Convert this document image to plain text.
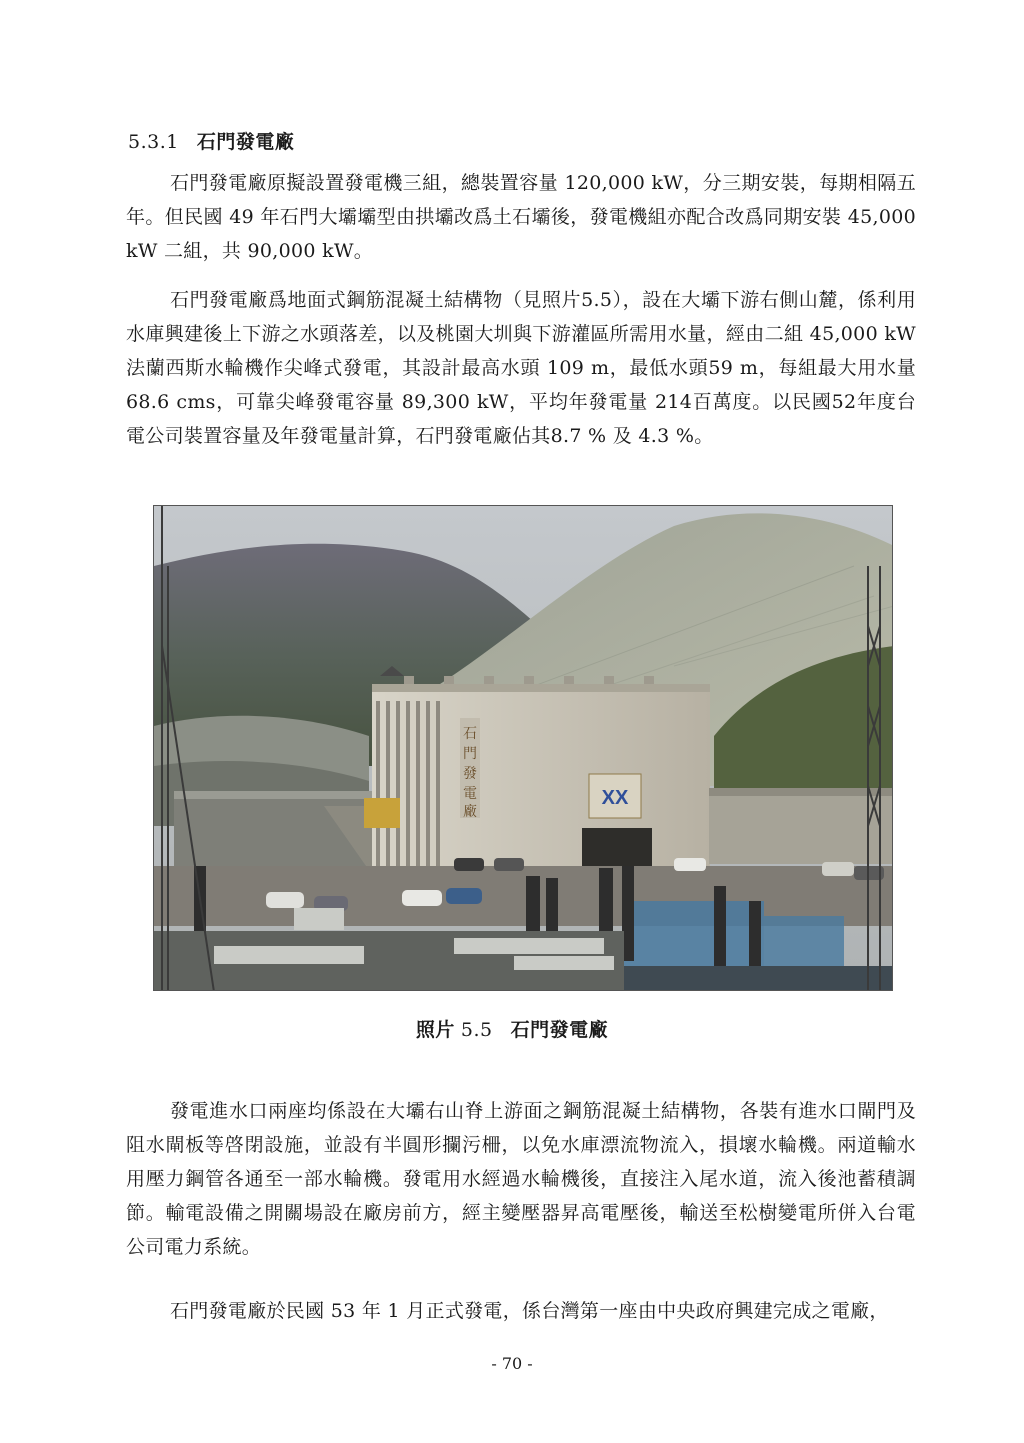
5.3.1 石門發電廠
石門發電廠原擬設置發電機三組，總裝置容量 120,000 kW，分三期安裝，每期相隔五年。但民國 49 年石門大壩壩型由拱壩改爲土石壩後，發電機組亦配合改爲同期安裝 45,000 kW 二組，共 90,000 kW。
石門發電廠爲地面式鋼筋混凝土結構物（見照片5.5），設在大壩下游右側山麓，係利用水庫興建後上下游之水頭落差，以及桃園大圳與下游灌區所需用水量，經由二組 45,000 kW 法蘭西斯水輪機作尖峰式發電，其設計最高水頭 109 m，最低水頭59 m，每組最大用水量 68.6 cms，可靠尖峰發電容量 89,300 kW，平均年發電量 214百萬度。以民國52年度台電公司裝置容量及年發電量計算，石門發電廠佔其8.7 % 及 4.3 %。
石
門
發
電
廠
XX
照片 5.5 石門發電廠
發電進水口兩座均係設在大壩右山脊上游面之鋼筋混凝土結構物，各裝有進水口閘門及阻水閘板等啓閉設施，並設有半圓形攔污柵，以免水庫漂流物流入，損壞水輪機。兩道輸水用壓力鋼管各通至一部水輪機。發電用水經過水輪機後，直接注入尾水道，流入後池蓄積調節。輸電設備之開關場設在廠房前方，經主變壓器昇高電壓後，輸送至松樹變電所併入台電公司電力系統。
石門發電廠於民國 53 年 1 月正式發電，係台灣第一座由中央政府興建完成之電廠，
- 70 -
